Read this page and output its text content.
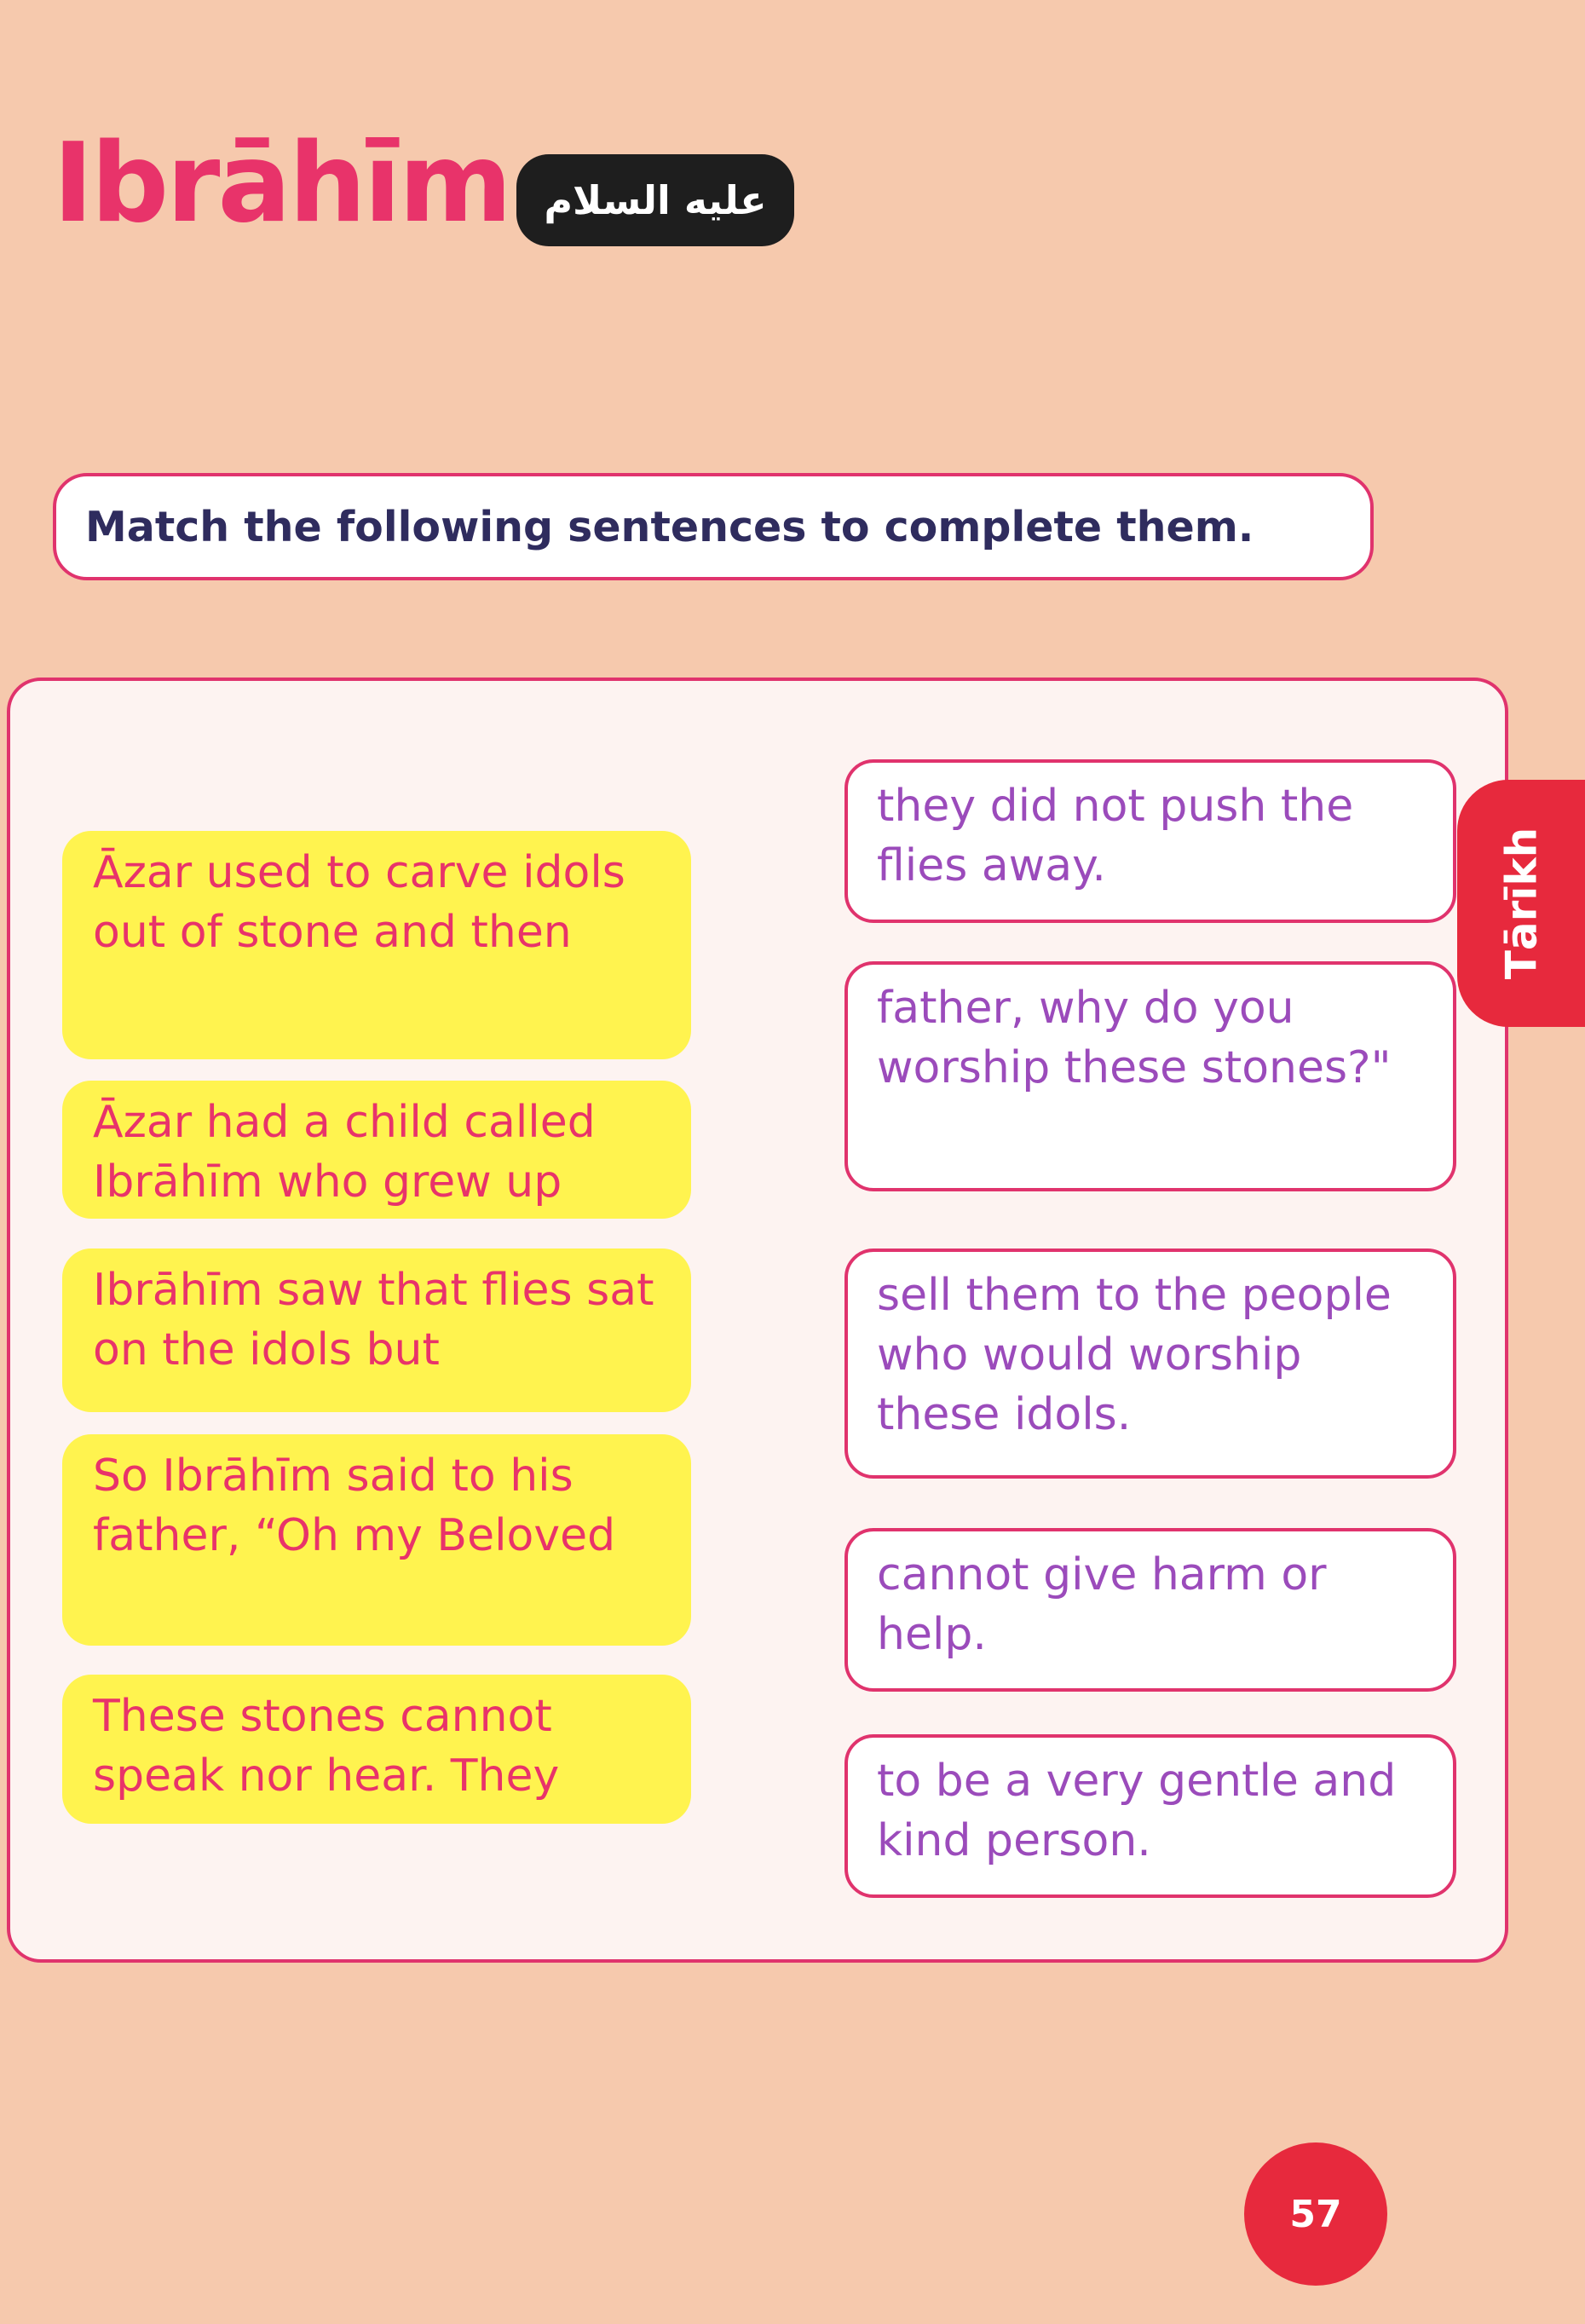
Ibrāhīm عليه السلام
Match the following sentences to complete them.
Āzar used to carve idols out of stone and then
Āzar had a child called Ibrāhīm who grew up
Ibrāhīm saw that flies sat on the idols but
So Ibrāhīm said to his father, “Oh my Beloved
These stones cannot speak nor hear. They
they did not push the flies away.
father, why do you worship these stones?"
sell them to the people who would worship these idols.
cannot give harm or help.
to be a very gentle and kind person.
Tārīkh
57
